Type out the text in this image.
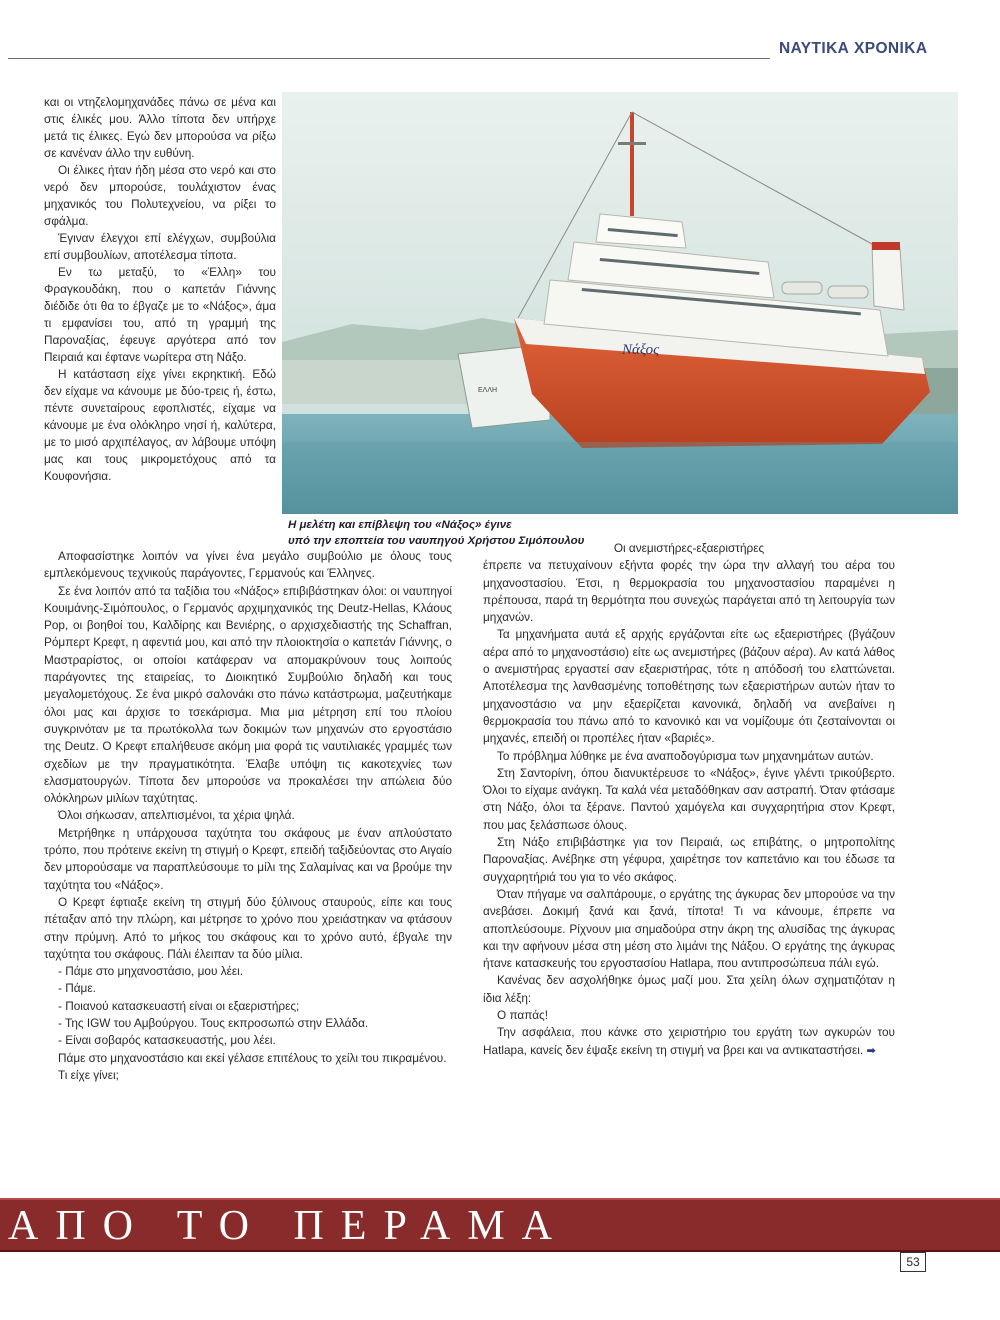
ΝΑΥΤΙΚΑ ΧΡΟΝΙΚΑ

και οι ντηζελομηχανάδες πάνω σε μένα και στις έλικές μου. Άλλο τίποτα δεν υπήρχε μετά τις έλικες. Εγώ δεν μπορούσα να ρίξω σε κανέναν άλλο την ευθύνη.

Οι έλικες ήταν ήδη μέσα στο νερό και στο νερό δεν μπορούσε, τουλάχιστον ένας μηχανικός του Πολυτεχνείου, να ρίξει το σφάλμα.

Έγιναν έλεγχοι επί ελέγχων, συμβούλια επί συμβουλίων, αποτέλεσμα τίποτα.

Εν τω μεταξύ, το «Έλλη» του Φραγκουδάκη, που ο καπετάν Γιάννης διέδιδε ότι θα το έβγαζε με το «Νάξος», άμα τι εμφανίσει του, από τη γραμμή της Παροναξίας, έφευγε αργότερα από τον Πειραιά και έφτανε νωρίτερα στη Νάξο.

Η κατάσταση είχε γίνει εκρηκτική. Εδώ δεν είχαμε να κάνουμε με δύο-τρεις ή, έστω, πέντε συνεταίρους εφοπλιστές, είχαμε να κάνουμε με ένα ολόκληρο νησί ή, καλύτερα, με το μισό αρχιπέλαγος, αν λάβουμε υπόψη μας και τους μικρομετόχους από τα Κουφονήσια.

ΕΛΛΗ
Νάξος
Η μελέτη και επίβλεψη του «Νάξος» έγινε
υπό την εποπτεία του ναυπηγού Χρήστου Σιμόπουλου

Αποφασίστηκε λοιπόν να γίνει ένα μεγάλο συμβούλιο με όλους τους εμπλεκόμενους τεχνικούς παράγοντες, Γερμανούς και Έλληνες.

Σε ένα λοιπόν από τα ταξίδια του «Νάξος» επιβιβάστηκαν όλοι: οι ναυπηγοί Κουιμάνης-Σιμόπουλος, ο Γερμανός αρχιμηχανικός της Deutz-Hellas, Κλάους Ροp, οι βοηθοί του, Καλδίρης και Βενιέρης, ο αρχισχεδιαστής της Schaffran, Ρόμπερτ Κρεφτ, η αφεντιά μου, και από την πλοιοκτησία ο καπετάν Γιάννης, ο Μαστραρίστος, οι οποίοι κατάφεραν να απομακρύνουν τους λοιπούς παράγοντες της εταιρείας, το Διοικητικό Συμβούλιο δηλαδή και τους μεγαλομετόχους. Σε ένα μικρό σαλονάκι στο πάνω κατάστρωμα, μαζευτήκαμε όλοι μας και άρχισε το τσεκάρισμα. Μια μια μέτρηση επί του πλοίου συγκρινόταν με τα πρωτόκολλα των δοκιμών των μηχανών στο εργοστάσιο της Deutz. Ο Κρεφτ επαλήθευσε ακόμη μια φορά τις ναυτιλιακές γραμμές των σχεδίων με την πραγματικότητα. Έλαβε υπόψη τις κακοτεχνίες των ελασματουργών. Τίποτα δεν μπορούσε να προκαλέσει την απώλεια δύο ολόκληρων μιλίων ταχύτητας.

Όλοι σήκωσαν, απελπισμένοι, τα χέρια ψηλά.

Μετρήθηκε η υπάρχουσα ταχύτητα του σκάφους με έναν απλούστατο τρόπο, που πρότεινε εκείνη τη στιγμή ο Κρεφτ, επειδή ταξιδεύοντας στο Αιγαίο δεν μπορούσαμε να παραπλεύσουμε το μίλι της Σαλαμίνας και να βρούμε την ταχύτητα του «Νάξος».

Ο Κρεφτ έφτιαξε εκείνη τη στιγμή δύο ξύλινους σταυρούς, είπε και τους πέταξαν από την πλώρη, και μέτρησε το χρόνο που χρειάστηκαν να φτάσουν στην πρύμνη. Από το μήκος του σκάφους και το χρόνο αυτό, έβγαλε την ταχύτητα του σκάφους. Πάλι έλειπαν τα δύο μίλια.

- Πάμε στο μηχανοστάσιο, μου λέει.

- Πάμε.

- Ποιανού κατασκευαστή είναι οι εξαεριστήρες;

- Της IGW του Αμβούργου. Τους εκπροσωπώ στην Ελλάδα.

- Είναι σοβαρός κατασκευαστής, μου λέει.

Πάμε στο μηχανοστάσιο και εκεί γέλασε επιτέλους το χείλι του πικραμένου.

Τι είχε γίνει;

Οι ανεμιστήρες-εξαεριστήρες

έπρεπε να πετυχαίνουν εξήντα φορές την ώρα την αλλαγή του αέρα του μηχανοστασίου. Έτσι, η θερμοκρασία του μηχανοστασίου παραμένει η πρέπουσα, παρά τη θερμότητα που συνεχώς παράγεται από τη λειτουργία των μηχανών.

Τα μηχανήματα αυτά εξ αρχής εργάζονται είτε ως εξαεριστήρες (βγάζουν αέρα από το μηχανοστάσιο) είτε ως ανεμιστήρες (βάζουν αέρα). Αν κατά λάθος ο ανεμιστήρας εργαστεί σαν εξαεριστήρας, τότε η απόδοσή του ελαττώνεται. Αποτέλεσμα της λανθασμένης τοποθέτησης των εξαεριστήρων αυτών ήταν το μηχανοστάσιο να μην εξαερίζεται κανονικά, δηλαδή να ανεβαίνει η θερμοκρασία του πάνω από το κανονικό και να νομίζουμε ότι ζεσταίνονται οι μηχανές, επειδή οι προπέλες ήταν «βαριές».

Το πρόβλημα λύθηκε με ένα αναποδογύρισμα των μηχανημάτων αυτών.

Στη Σαντορίνη, όπου διανυκτέρευσε το «Νάξος», έγινε γλέντι τρικούβερτο. Όλοι το είχαμε ανάγκη. Τα καλά νέα μεταδόθηκαν σαν αστραπή. Όταν φτάσαμε στη Νάξο, όλοι τα ξέρανε. Παντού χαμόγελα και συγχαρητήρια στον Κρεφτ, που μας ξελάσπωσε όλους.

Στη Νάξο επιβιβάστηκε για τον Πειραιά, ως επιβάτης, ο μητροπολίτης Παροναξίας. Ανέβηκε στη γέφυρα, χαιρέτησε τον καπετάνιο και του έδωσε τα συγχαρητήριά του για το νέο σκάφος.

Όταν πήγαμε να σαλπάρουμε, ο εργάτης της άγκυρας δεν μπορούσε να την ανεβάσει. Δοκιμή ξανά και ξανά, τίποτα! Τι να κάνουμε, έπρεπε να αποπλεύσουμε. Ρίχνουν μια σημαδούρα στην άκρη της αλυσίδας της άγκυρας και την αφήνουν μέσα στη μέση στο λιμάνι της Νάξου. Ο εργάτης της άγκυρας ήτανε κατασκευής του εργοστασίου Hatlapa, που αντιπροσώπευα πάλι εγώ.

Κανένας δεν ασχολήθηκε όμως μαζί μου. Στα χείλη όλων σχηματιζόταν η ίδια λέξη:

Ο παπάς!

Την ασφάλεια, που κάνκε στο χειριστήριο του εργάτη των αγκυρών του Hatlapa, κανείς δεν έψαξε εκείνη τη στιγμή να βρει και να αντικαταστήσει. ➡

ΑΠΟ ΤΟ ΠΕΡΑΜΑ
53
